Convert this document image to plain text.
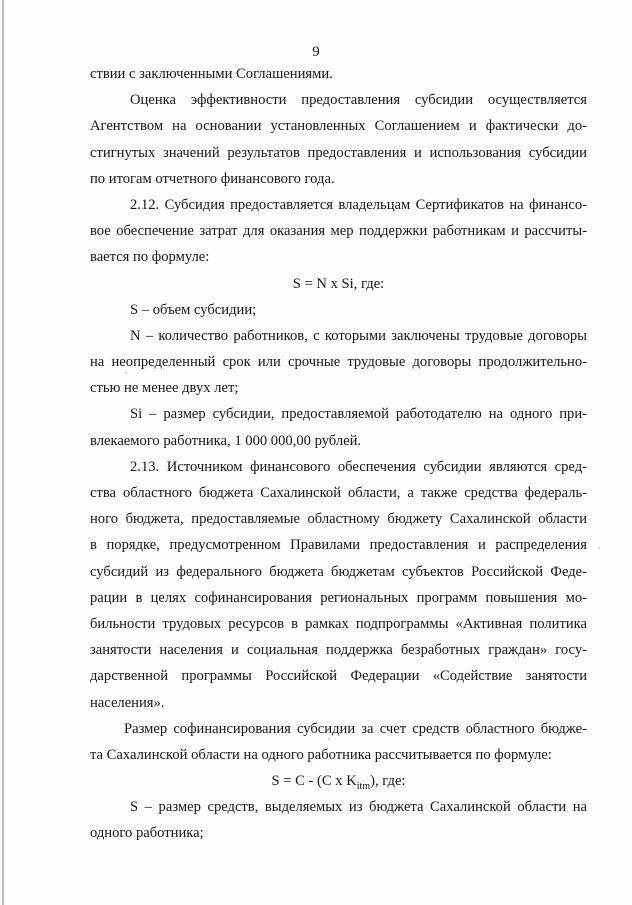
9
ствии с заключенными Соглашениями.
Оценка эффективности предоставления субсидии осуществляется
Агентством на основании установленных Соглашением и фактически до-
стигнутых значений результатов предоставления и использования субсидии
по итогам отчетного финансового года.
2.12. Субсидия предоставляется владельцам Сертификатов на финансо-
вое обеспечение затрат для оказания мер поддержки работникам и рассчиты-
вается по формуле:
S = N x Si, где:
S – объем субсидии;
N – количество работников, с которыми заключены трудовые договоры
на неопределенный срок или срочные трудовые договоры продолжительно-
стью не менее двух лет;
Si – размер субсидии, предоставляемой работодателю на одного при-
влекаемого работника, 1 000 000,00 рублей.
2.13. Источником финансового обеспечения субсидии являются сред-
ства областного бюджета Сахалинской области, а также средства федераль-
ного бюджета, предоставляемые областному бюджету Сахалинской области
в порядке, предусмотренном Правилами предоставления и распределения
субсидий из федерального бюджета бюджетам субъектов Российской Феде-
рации в целях софинансирования региональных программ повышения мо-
бильности трудовых ресурсов в рамках подпрограммы «Активная политика
занятости населения и социальная поддержка безработных граждан» госу-
дарственной программы Российской Федерации «Содействие занятости
населения».
Размер софинансирования субсидии за счет средств областного бюдже-
та Сахалинской области на одного работника рассчитывается по формуле:
S = C - (C x $K_{itm}$), где:
S – размер средств, выделяемых из бюджета Сахалинской области на
одного работника;
